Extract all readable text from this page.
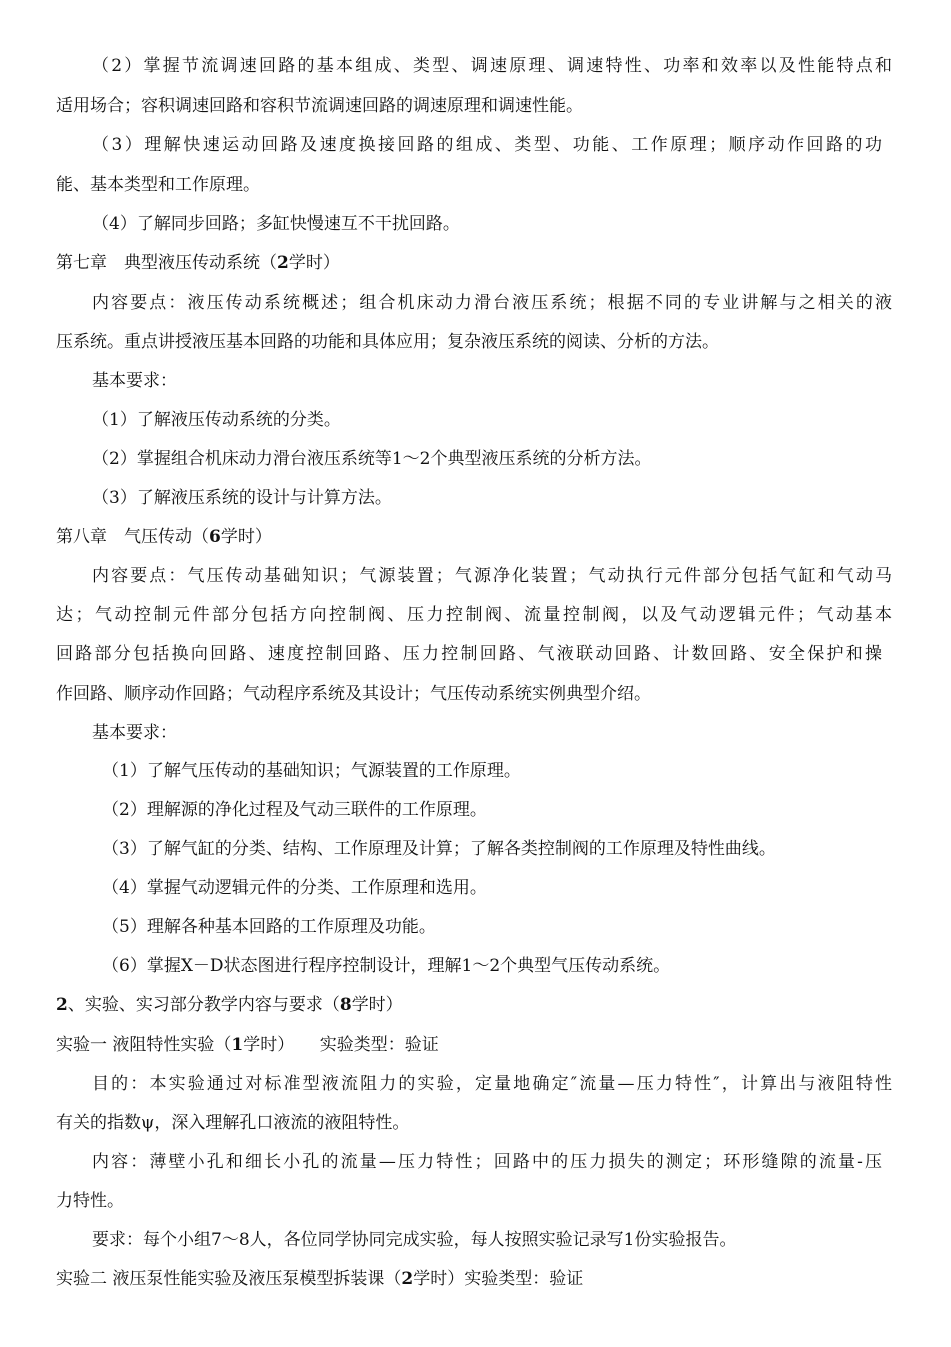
（2）掌握节流调速回路的基本组成、类型、调速原理、调速特性、功率和效率以及性能特点和
适用场合；容积调速回路和容积节流调速回路的调速原理和调速性能。
（3）理解快速运动回路及速度换接回路的组成、类型、功能、工作原理；顺序动作回路的功
能、基本类型和工作原理。
（4）了解同步回路；多缸快慢速互不干扰回路。
第七章　典型液压传动系统（2学时）
内容要点：液压传动系统概述；组合机床动力滑台液压系统；根据不同的专业讲解与之相关的液
压系统。重点讲授液压基本回路的功能和具体应用；复杂液压系统的阅读、分析的方法。
基本要求：
（1）了解液压传动系统的分类。
（2）掌握组合机床动力滑台液压系统等1～2个典型液压系统的分析方法。
（3）了解液压系统的设计与计算方法。
第八章　气压传动（6学时）
内容要点：气压传动基础知识；气源装置；气源净化装置；气动执行元件部分包括气缸和气动马
达；气动控制元件部分包括方向控制阀、压力控制阀、流量控制阀，以及气动逻辑元件；气动基本
回路部分包括换向回路、速度控制回路、压力控制回路、气液联动回路、计数回路、安全保护和操
作回路、顺序动作回路；气动程序系统及其设计；气压传动系统实例典型介绍。
基本要求：
（1）了解气压传动的基础知识；气源装置的工作原理。
（2）理解源的净化过程及气动三联件的工作原理。
（3）了解气缸的分类、结构、工作原理及计算；了解各类控制阀的工作原理及特性曲线。
（4）掌握气动逻辑元件的分类、工作原理和选用。
（5）理解各种基本回路的工作原理及功能。
（6）掌握X－D状态图进行程序控制设计，理解1～2个典型气压传动系统。
2、实验、实习部分教学内容与要求（8学时）
实验一 液阻特性实验（1学时）　　实验类型：验证
目的：本实验通过对标准型液流阻力的实验，定量地确定″流量—压力特性″，计算出与液阻特性
有关的指数ψ，深入理解孔口液流的液阻特性。
内容：薄壁小孔和细长小孔的流量—压力特性；回路中的压力损失的测定；环形缝隙的流量-压
力特性。
要求：每个小组7～8人，各位同学协同完成实验，每人按照实验记录写1份实验报告。
实验二 液压泵性能实验及液压泵模型拆装课（2学时）实验类型：验证
